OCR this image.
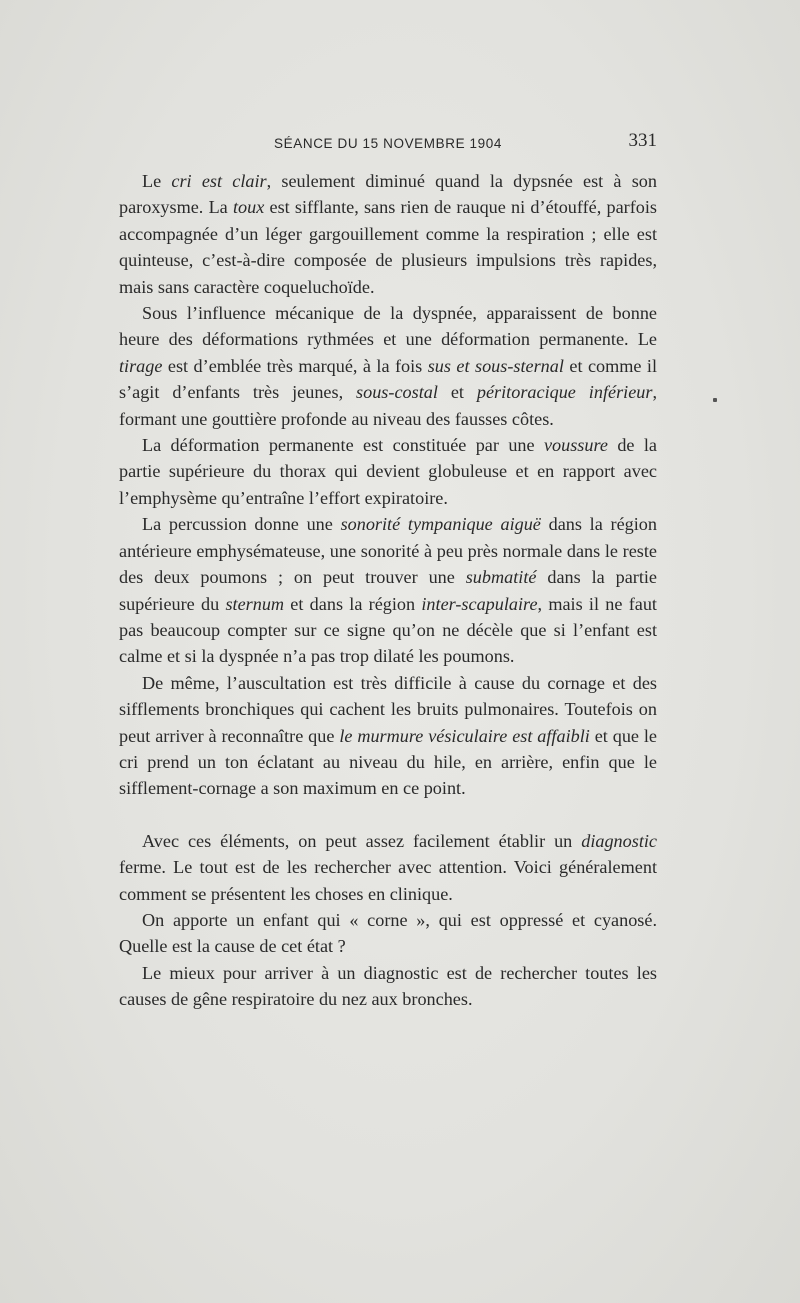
SÉANCE DU 15 NOVEMBRE 1904	331

Le cri est clair, seulement diminué quand la dypsnée est à son paroxysme. La toux est sifflante, sans rien de rauque ni d’étouffé, parfois accompagnée d’un léger gargouillement comme la respiration ; elle est quinteuse, c’est-à-dire composée de plusieurs impulsions très rapides, mais sans caractère coqueluchoïde.

Sous l’influence mécanique de la dyspnée, apparaissent de bonne heure des déformations rythmées et une déformation permanente. Le tirage est d’emblée très marqué, à la fois sus et sous-sternal et comme il s’agit d’enfants très jeunes, sous-costal et péritoracique inférieur, formant une gouttière profonde au niveau des fausses côtes.

La déformation permanente est constituée par une voussure de la partie supérieure du thorax qui devient globuleuse et en rapport avec l’emphysème qu’entraîne l’effort expiratoire.

La percussion donne une sonorité tympanique aiguë dans la région antérieure emphysémateuse, une sonorité à peu près normale dans le reste des deux poumons ; on peut trouver une submatité dans la partie supérieure du sternum et dans la région inter-scapulaire, mais il ne faut pas beaucoup compter sur ce signe qu’on ne décèle que si l’enfant est calme et si la dyspnée n’a pas trop dilaté les poumons.

De même, l’auscultation est très difficile à cause du cornage et des sifflements bronchiques qui cachent les bruits pulmonaires. Toutefois on peut arriver à reconnaître que le murmure vésiculaire est affaibli et que le cri prend un ton éclatant au niveau du hile, en arrière, enfin que le sifflement-cornage a son maximum en ce point.

Avec ces éléments, on peut assez facilement établir un diagnostic ferme. Le tout est de les rechercher avec attention. Voici généralement comment se présentent les choses en clinique.

On apporte un enfant qui « corne », qui est oppressé et cyanosé. Quelle est la cause de cet état ?

Le mieux pour arriver à un diagnostic est de rechercher toutes les causes de gêne respiratoire du nez aux bronches.
